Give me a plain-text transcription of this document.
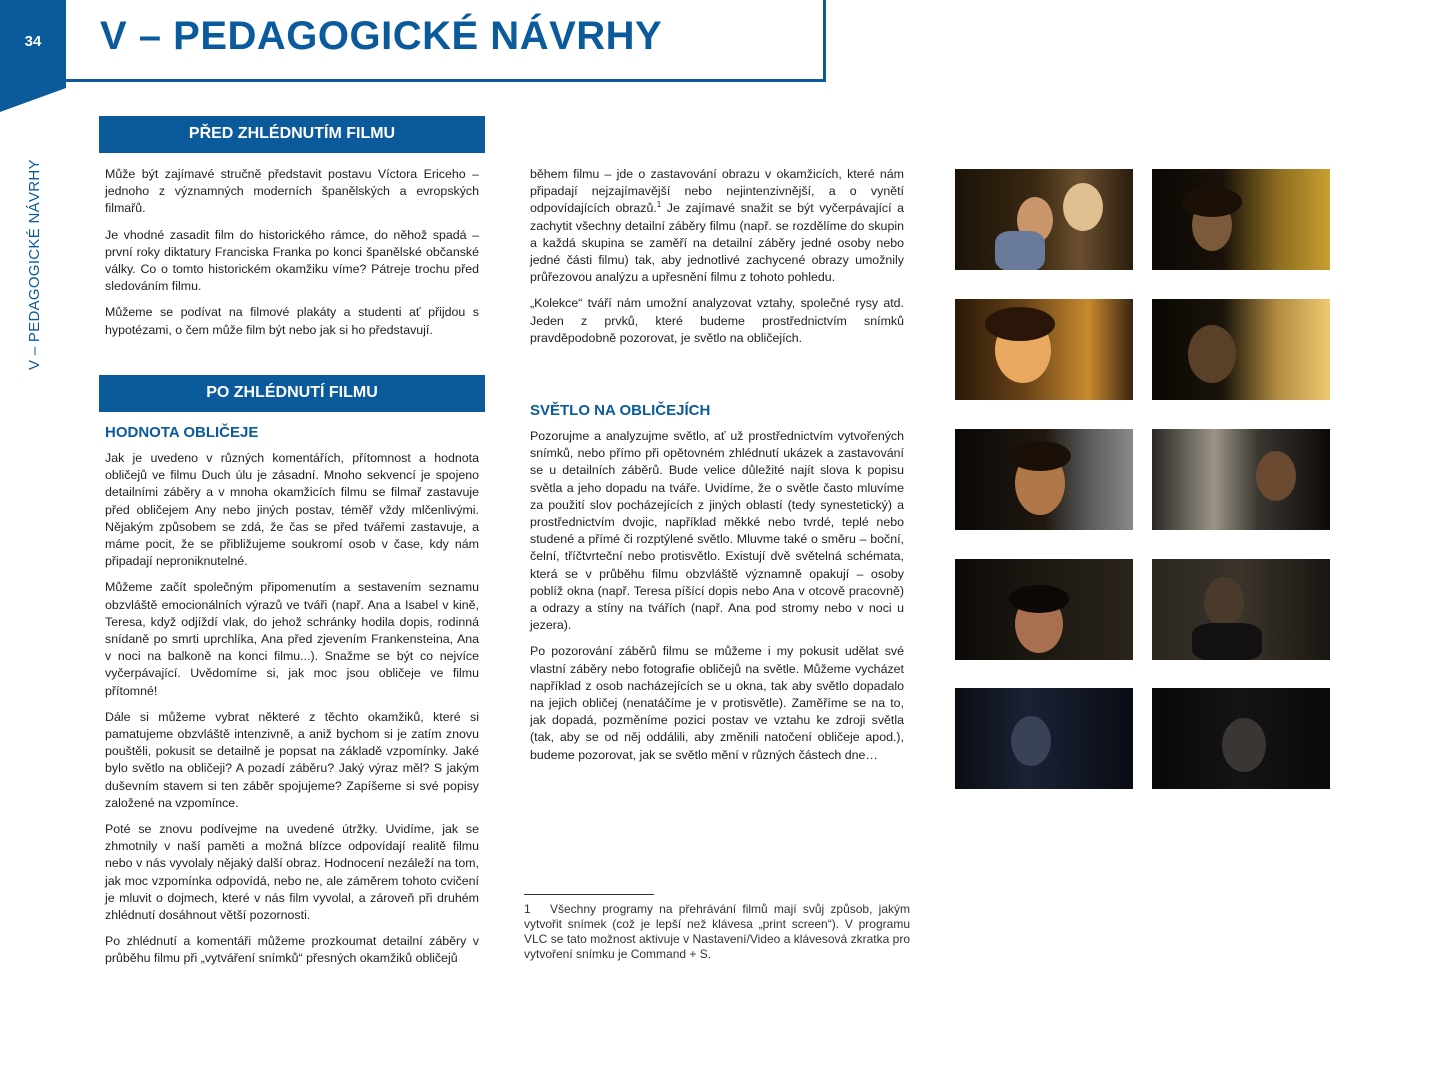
34	V – PEDAGOGICKÉ NÁVRHY
V – PEDAGOGICKÉ NÁVRHY
PŘED ZHLÉDNUTÍM FILMU

Může být zajímavé stručně představit postavu Víctora Ericeho – jednoho z významných moderních španělských a evropských filmařů.

Je vhodné zasadit film do historického rámce, do něhož spadá – první roky diktatury Franciska Franka po konci španělské občanské války. Co o tomto historickém okamžiku víme? Pátreje trochu před sledováním filmu.

Můžeme se podívat na filmové plakáty a studenti ať přijdou s hypotézami, o čem může film být nebo jak si ho představují.

PO ZHLÉDNUTÍ FILMU
HODNOTA OBLIČEJE

Jak je uvedeno v různých komentářích, přítomnost a hodnota obličejů ve filmu Duch úlu je zásadní. Mnoho sekvencí je spojeno detailními záběry a v mnoha okamžicích filmu se filmař zastavuje před obličejem Any nebo jiných postav, téměř vždy mlčenlivými. Nějakým způsobem se zdá, že čas se před tvářemi zastavuje, a máme pocit, že se přibližujeme soukromí osob v čase, kdy nám připadají neproniknutelné.

Můžeme začít společným připomenutím a sestavením seznamu obzvláště emocionálních výrazů ve tváři (např. Ana a Isabel v kině, Teresa, když odjíždí vlak, do jehož schránky hodila dopis, rodinná snídaně po smrti uprchlíka, Ana před zjevením Frankensteina, Ana v noci na balkoně na konci filmu...). Snažme se být co nejvíce vyčerpávající. Uvědomíme si, jak moc jsou obličeje ve filmu přítomné!

Dále si můžeme vybrat některé z těchto okamžiků, které si pamatujeme obzvláště intenzivně, a aniž bychom si je zatím znovu pouštěli, pokusit se detailně je popsat na základě vzpomínky. Jaké bylo světlo na obličeji? A pozadí záběru? Jaký výraz měl? S jakým duševním stavem si ten záběr spojujeme? Zapíšeme si své popisy založené na vzpomínce.

Poté se znovu podívejme na uvedené útržky. Uvidíme, jak se zhmotnily v naší paměti a možná blízce odpovídají realitě filmu nebo v nás vyvolaly nějaký další obraz. Hodnocení nezáleží na tom, jak moc vzpomínka odpovídá, nebo ne, ale záměrem tohoto cvičení je mluvit o dojmech, které v nás film vyvolal, a zároveň při druhém zhlédnutí dosáhnout větší pozornosti.

Po zhlédnutí a komentáři můžeme prozkoumat detailní záběry v průběhu filmu při „vytváření snímků“ přesných okamžiků obličejů

během filmu – jde o zastavování obrazu v okamžicích, které nám připadají nejzajímavější nebo nejintenzivnější, a o vynětí odpovídajících obrazů.$^1$ Je zajímavé snažit se být vyčerpávající a zachytit všechny detailní záběry filmu (např. se rozdělíme do skupin a každá skupina se zaměří na detailní záběry jedné osoby nebo jedné části filmu) tak, aby jednotlivé zachycené obrazy umožnily průřezovou analýzu a upřesnění filmu z tohoto pohledu.

„Kolekce“ tváří nám umožní analyzovat vztahy, společné rysy atd. Jeden z prvků, které budeme prostřednictvím snímků pravděpodobně pozorovat, je světlo na obličejích.

SVĚTLO NA OBLIČEJÍCH

Pozorujme a analyzujme světlo, ať už prostřednictvím vytvořených snímků, nebo přímo při opětovném zhlédnutí ukázek a zastavování se u detailních záběrů. Bude velice důležité najít slova k popisu světla a jeho dopadu na tváře. Uvidíme, že o světle často mluvíme za použití slov pocházejících z jiných oblastí (tedy synestetický) a prostřednictvím dvojic, například měkké nebo tvrdé, teplé nebo studené a přímé či rozptýlené světlo. Mluvme také o směru – boční, čelní, tříčtvrteční nebo protisvětlo. Existují dvě světelná schémata, která se v průběhu filmu obzvláště významně opakují – osoby poblíž okna (např. Teresa píšící dopis nebo Ana v otcově pracovně) a odrazy a stíny na tvářích (např. Ana pod stromy nebo v noci u jezera).

Po pozorování záběrů filmu se můžeme i my pokusit udělat své vlastní záběry nebo fotografie obličejů na světle. Můžeme vycházet například z osob nacházejících se u okna, tak aby světlo dopadalo na jejich obličej (nenatáčíme je v protisvětle). Zaměříme se na to, jak dopadá, pozměníme pozici postav ve vztahu ke zdroji světla (tak, aby se od něj oddálili, aby změnili natočení obličeje apod.), budeme pozorovat, jak se světlo mění v různých částech dne…

1 Všechny programy na přehrávání filmů mají svůj způsob, jakým vytvořit snímek (což je lepší než klávesa „print screen“). V programu VLC se tato možnost aktivuje v Nastavení/Video a klávesová zkratka pro vytvoření snímku je Command + S.
